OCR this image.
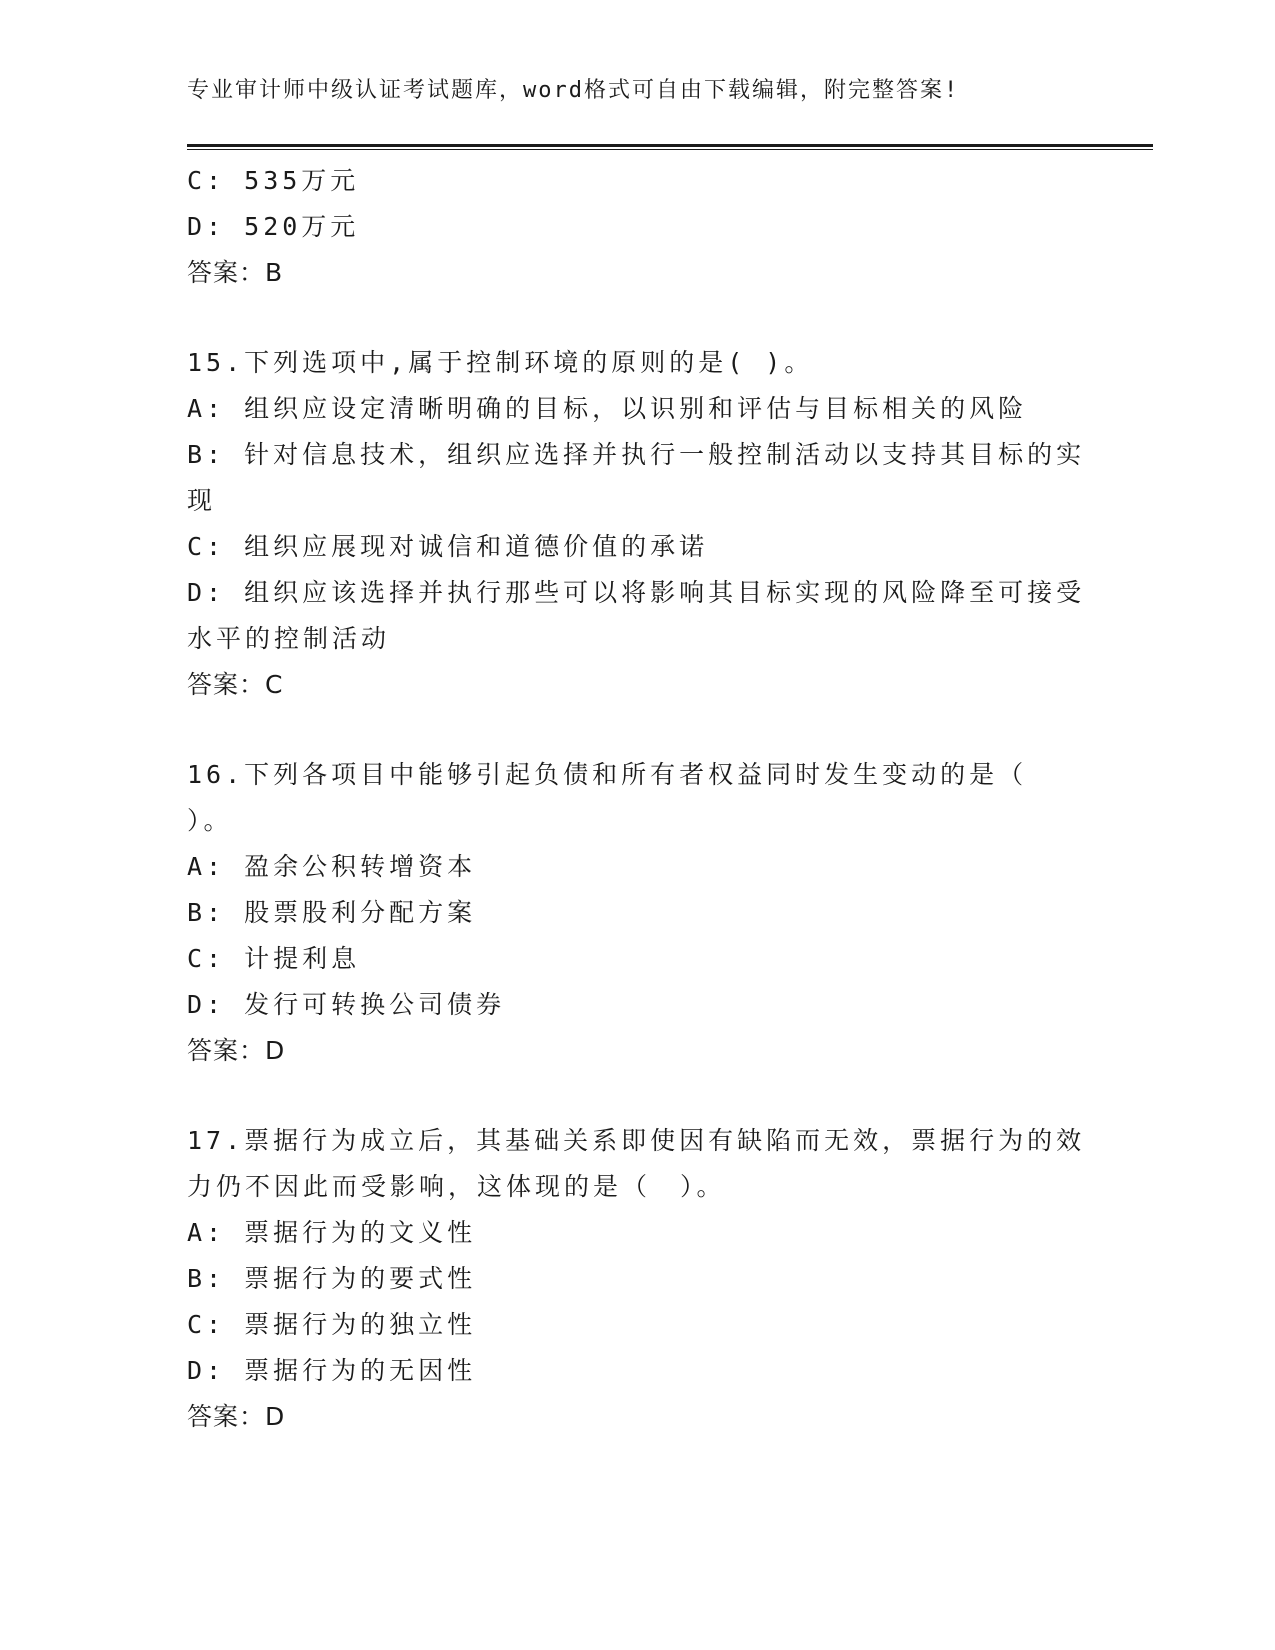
专业审计师中级认证考试题库，word格式可自由下载编辑，附完整答案!
C: 535万元
D: 520万元
答案：B
15.下列选项中,属于控制环境的原则的是( )。
A: 组织应设定清晰明确的目标，以识别和评估与目标相关的风险
B: 针对信息技术，组织应选择并执行一般控制活动以支持其目标的实
现
C: 组织应展现对诚信和道德价值的承诺
D: 组织应该选择并执行那些可以将影响其目标实现的风险降至可接受
水平的控制活动
答案：C
16.下列各项目中能够引起负债和所有者权益同时发生变动的是（
）。
A: 盈余公积转增资本
B: 股票股利分配方案
C: 计提利息
D: 发行可转换公司债券
答案：D
17.票据行为成立后，其基础关系即使因有缺陷而无效，票据行为的效
力仍不因此而受影响，这体现的是（　）。
A: 票据行为的文义性
B: 票据行为的要式性
C: 票据行为的独立性
D: 票据行为的无因性
答案：D
